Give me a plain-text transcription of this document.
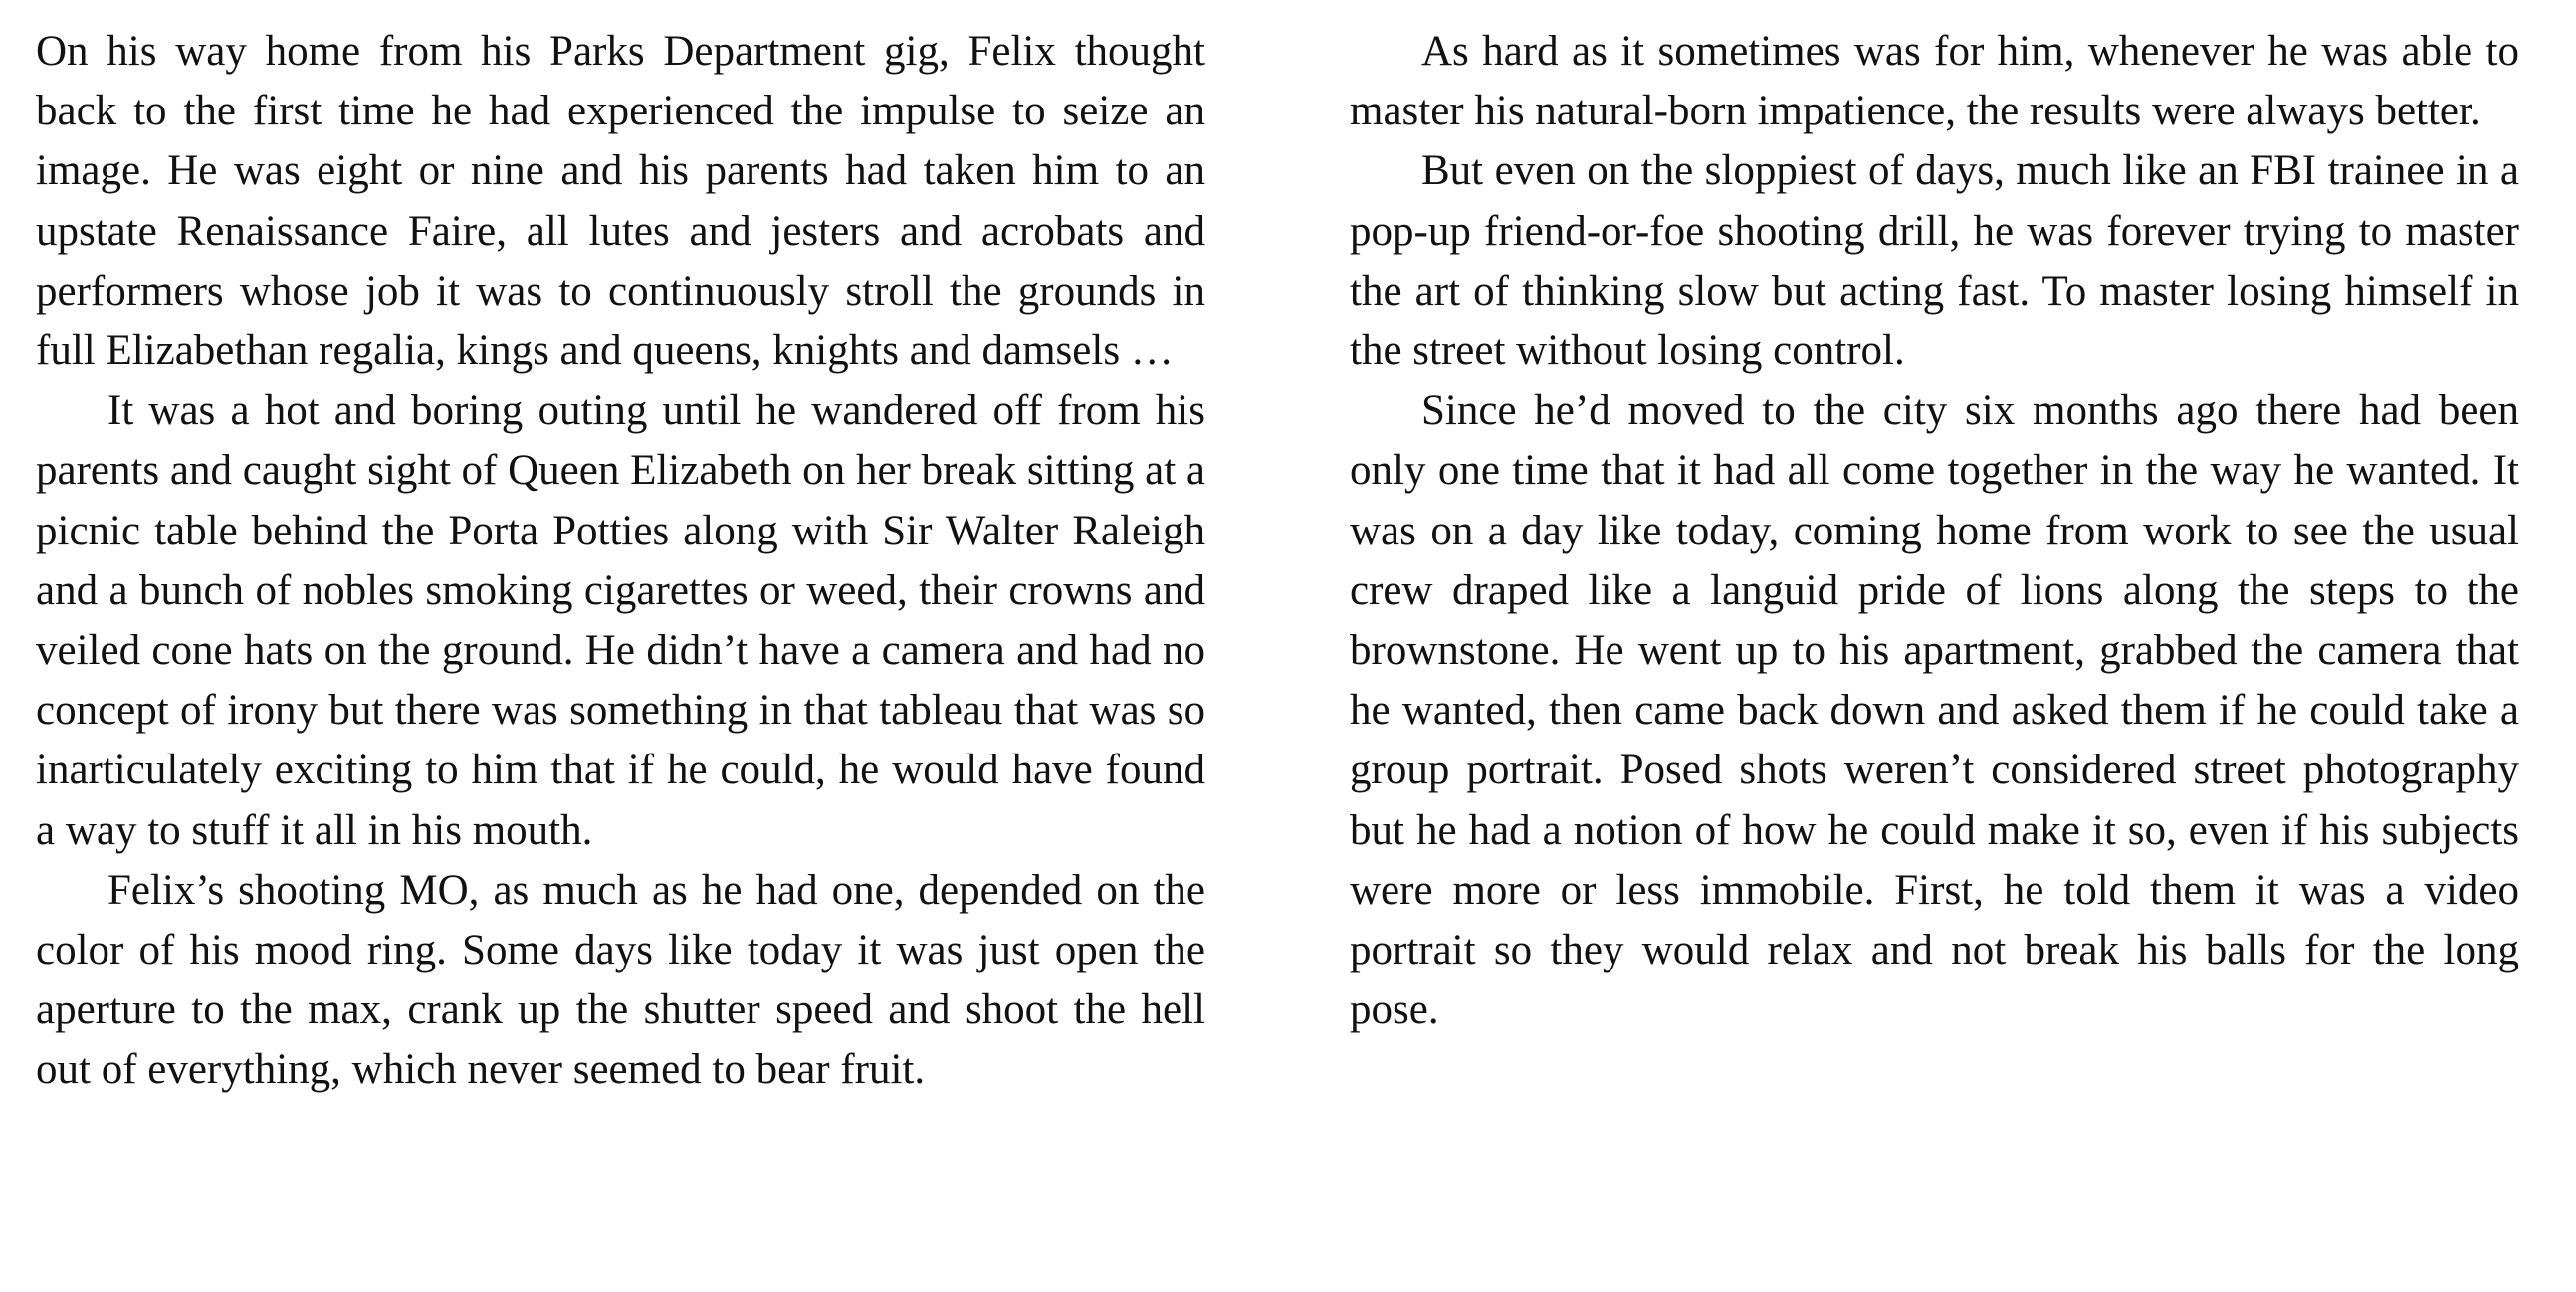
On his way home from his Parks Department gig, Felix thought back to the first time he had experienced the impulse to seize an image. He was eight or nine and his parents had taken him to an upstate Renaissance Faire, all lutes and jesters and acrobats and performers whose job it was to continuously stroll the grounds in full Elizabethan regalia, kings and queens, knights and damsels …

It was a hot and boring outing until he wandered off from his parents and caught sight of Queen Elizabeth on her break sitting at a picnic table behind the Porta Potties along with Sir Walter Raleigh and a bunch of nobles smoking cigarettes or weed, their crowns and veiled cone hats on the ground. He didn’t have a camera and had no concept of irony but there was something in that tableau that was so inarticulately exciting to him that if he could, he would have found a way to stuff it all in his mouth.

Felix’s shooting MO, as much as he had one, depended on the color of his mood ring. Some days like today it was just open the aperture to the max, crank up the shutter speed and shoot the hell out of everything, which never seemed to bear fruit.

As hard as it sometimes was for him, whenever he was able to master his natural-born impatience, the results were always better.

But even on the sloppiest of days, much like an FBI trainee in a pop-up friend-or-foe shooting drill, he was forever trying to master the art of thinking slow but acting fast. To master losing himself in the street without losing control.

Since he’d moved to the city six months ago there had been only one time that it had all come together in the way he wanted. It was on a day like today, coming home from work to see the usual crew draped like a languid pride of lions along the steps to the brownstone. He went up to his apartment, grabbed the camera that he wanted, then came back down and asked them if he could take a group portrait. Posed shots weren’t considered street photography but he had a notion of how he could make it so, even if his subjects were more or less immobile. First, he told them it was a video portrait so they would relax and not break his balls for the long pose.
